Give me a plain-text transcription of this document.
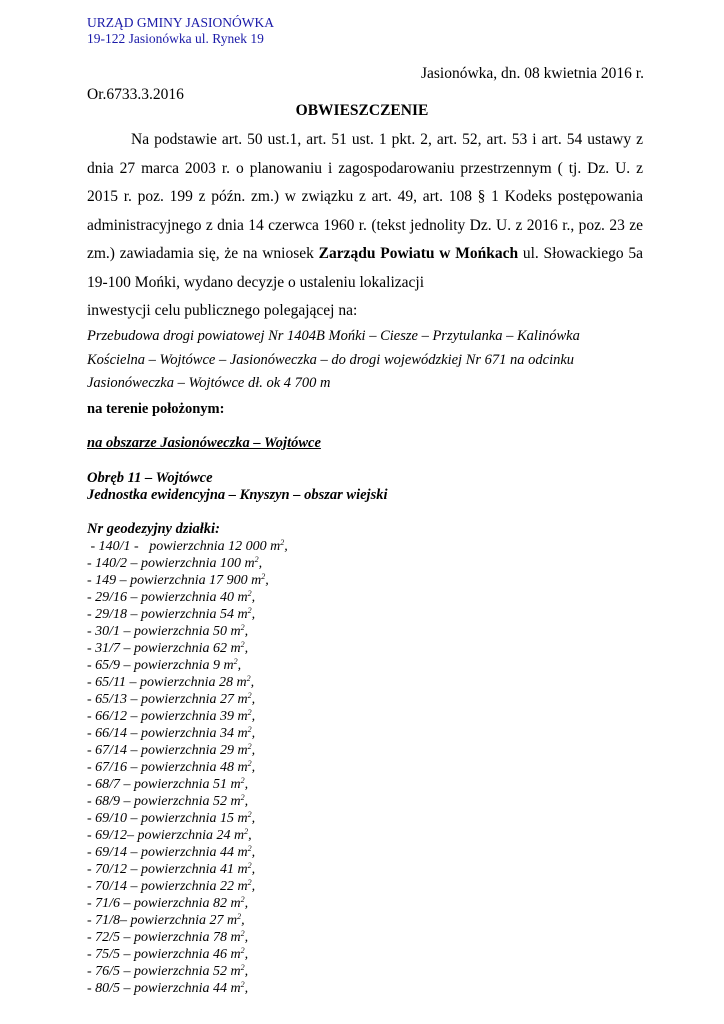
URZĄD GMINY JASIONÓWKA
19-122 Jasionówka ul. Rynek 19
Jasionówka, dn. 08 kwietnia 2016 r.
Or.6733.3.2016
OBWIESZCZENIE

Na podstawie art. 50 ust.1, art. 51 ust. 1 pkt. 2, art. 52, art. 53 i art. 54 ustawy z dnia 27 marca 2003 r. o planowaniu i zagospodarowaniu przestrzennym ( tj. Dz. U. z 2015 r. poz. 199 z późn. zm.) w związku z art. 49, art. 108 § 1 Kodeks postępowania administracyjnego z dnia 14 czerwca 1960 r. (tekst jednolity Dz. U. z 2016 r., poz. 23 ze zm.) zawiadamia się, że na wniosek Zarządu Powiatu w Mońkach ul. Słowackiego 5a 19-100 Mońki, wydano decyzje o ustaleniu lokalizacji

inwestycji celu publicznego polegającej na:
Przebudowa drogi powiatowej Nr 1404B Mońki – Ciesze – Przytulanka – Kalinówka
Kościelna – Wojtówce – Jasionóweczka – do drogi wojewódzkiej Nr 671 na odcinku
Jasionóweczka – Wojtówce dł. ok 4 700 m
na terenie położonym:
na obszarze Jasionóweczka – Wojtówce
Obręb 11 – Wojtówce
Jednostka ewidencyjna – Knyszyn – obszar wiejski
Nr geodezyjny działki:
- 140/1 -   powierzchnia 12 000 $m^2$,
- 140/2 – powierzchnia 100 $m^2$,
- 149 – powierzchnia 17 900 $m^2$,
- 29/16 – powierzchnia 40 $m^2$,
- 29/18 – powierzchnia 54 $m^2$,
- 30/1 – powierzchnia 50 $m^2$,
- 31/7 – powierzchnia 62 $m^2$,
- 65/9 – powierzchnia 9 $m^2$,
- 65/11 – powierzchnia 28 $m^2$,
- 65/13 – powierzchnia 27 $m^2$,
- 66/12 – powierzchnia 39 $m^2$,
- 66/14 – powierzchnia 34 $m^2$,
- 67/14 – powierzchnia 29 $m^2$,
- 67/16 – powierzchnia 48 $m^2$,
- 68/7 – powierzchnia 51 $m^2$,
- 68/9 – powierzchnia 52 $m^2$,
- 69/10 – powierzchnia 15 $m^2$,
- 69/12– powierzchnia 24 $m^2$,
- 69/14 – powierzchnia 44 $m^2$,
- 70/12 – powierzchnia 41 $m^2$,
- 70/14 – powierzchnia 22 $m^2$,
- 71/6 – powierzchnia 82 $m^2$,
- 71/8– powierzchnia 27 $m^2$,
- 72/5 – powierzchnia 78 $m^2$,
- 75/5 – powierzchnia 46 $m^2$,
- 76/5 – powierzchnia 52 $m^2$,
- 80/5 – powierzchnia 44 $m^2$,
